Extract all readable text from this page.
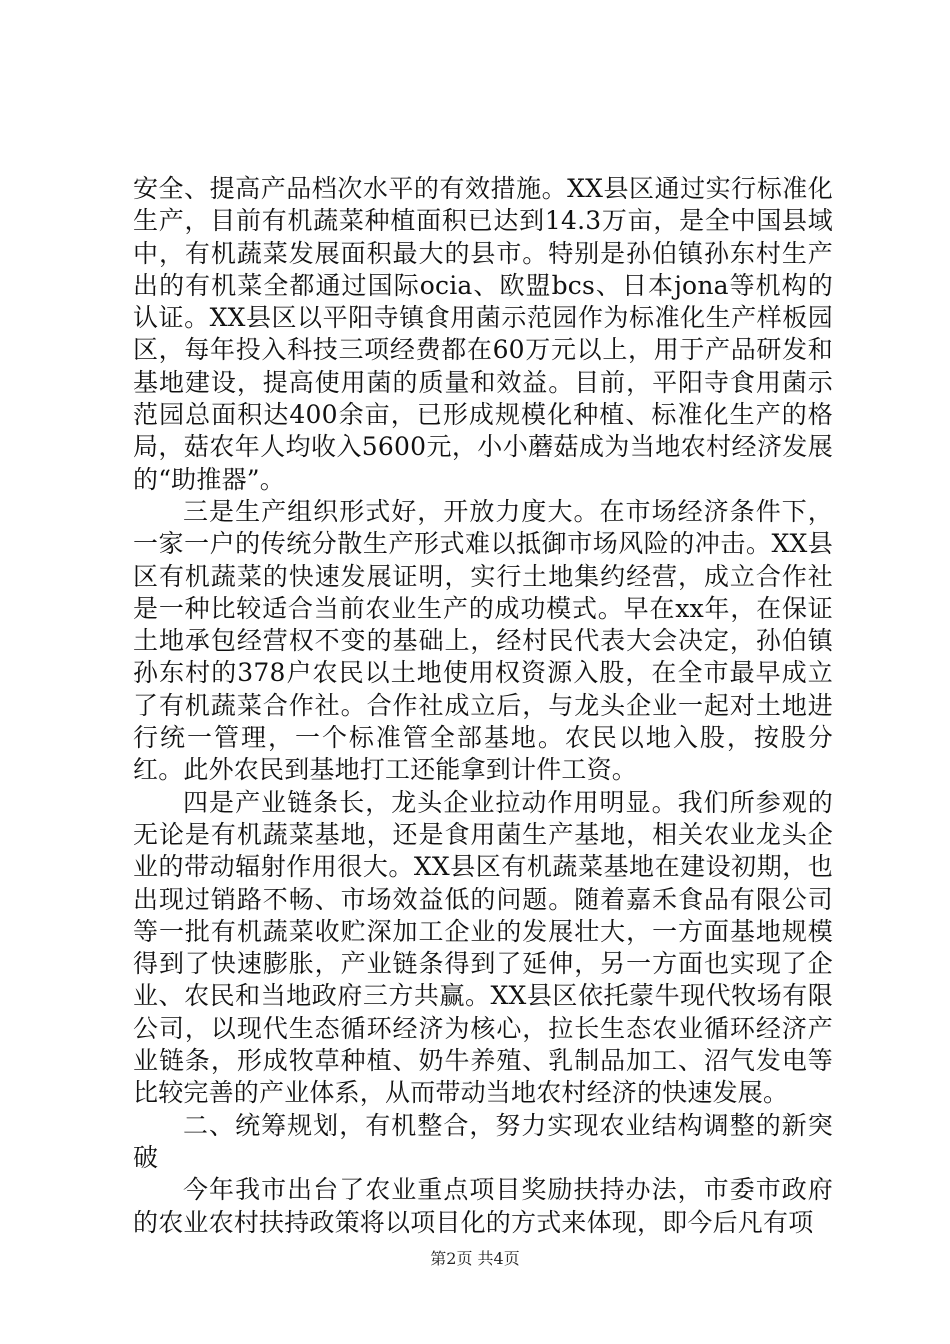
安全、提高产品档次水平的有效措施。XX县区通过实行标准化生产，目前有机蔬菜种植面积已达到14.3万亩，是全中国县域中，有机蔬菜发展面积最大的县市。特别是孙伯镇孙东村生产出的有机菜全都通过国际ocia、欧盟bcs、日本jona等机构的认证。XX县区以平阳寺镇食用菌示范园作为标准化生产样板园区，每年投入科技三项经费都在60万元以上，用于产品研发和基地建设，提高使用菌的质量和效益。目前，平阳寺食用菌示范园总面积达400余亩，已形成规模化种植、标准化生产的格局，菇农年人均收入5600元，小小蘑菇成为当地农村经济发展的“助推器”。

三是生产组织形式好，开放力度大。在市场经济条件下，一家一户的传统分散生产形式难以抵御市场风险的冲击。XX县区有机蔬菜的快速发展证明，实行土地集约经营，成立合作社是一种比较适合当前农业生产的成功模式。早在xx年，在保证土地承包经营权不变的基础上，经村民代表大会决定，孙伯镇孙东村的378户农民以土地使用权资源入股，在全市最早成立了有机蔬菜合作社。合作社成立后，与龙头企业一起对土地进行统一管理，一个标准管全部基地。农民以地入股，按股分红。此外农民到基地打工还能拿到计件工资。

四是产业链条长，龙头企业拉动作用明显。我们所参观的无论是有机蔬菜基地，还是食用菌生产基地，相关农业龙头企业的带动辐射作用很大。XX县区有机蔬菜基地在建设初期，也出现过销路不畅、市场效益低的问题。随着嘉禾食品有限公司等一批有机蔬菜收贮深加工企业的发展壮大，一方面基地规模得到了快速膨胀，产业链条得到了延伸，另一方面也实现了企业、农民和当地政府三方共赢。XX县区依托蒙牛现代牧场有限公司，以现代生态循环经济为核心，拉长生态农业循环经济产业链条，形成牧草种植、奶牛养殖、乳制品加工、沼气发电等比较完善的产业体系，从而带动当地农村经济的快速发展。

二、统筹规划，有机整合，努力实现农业结构调整的新突破

今年我市出台了农业重点项目奖励扶持办法，市委市政府的农业农村扶持政策将以项目化的方式来体现，即今后凡有项

第2页 共4页
